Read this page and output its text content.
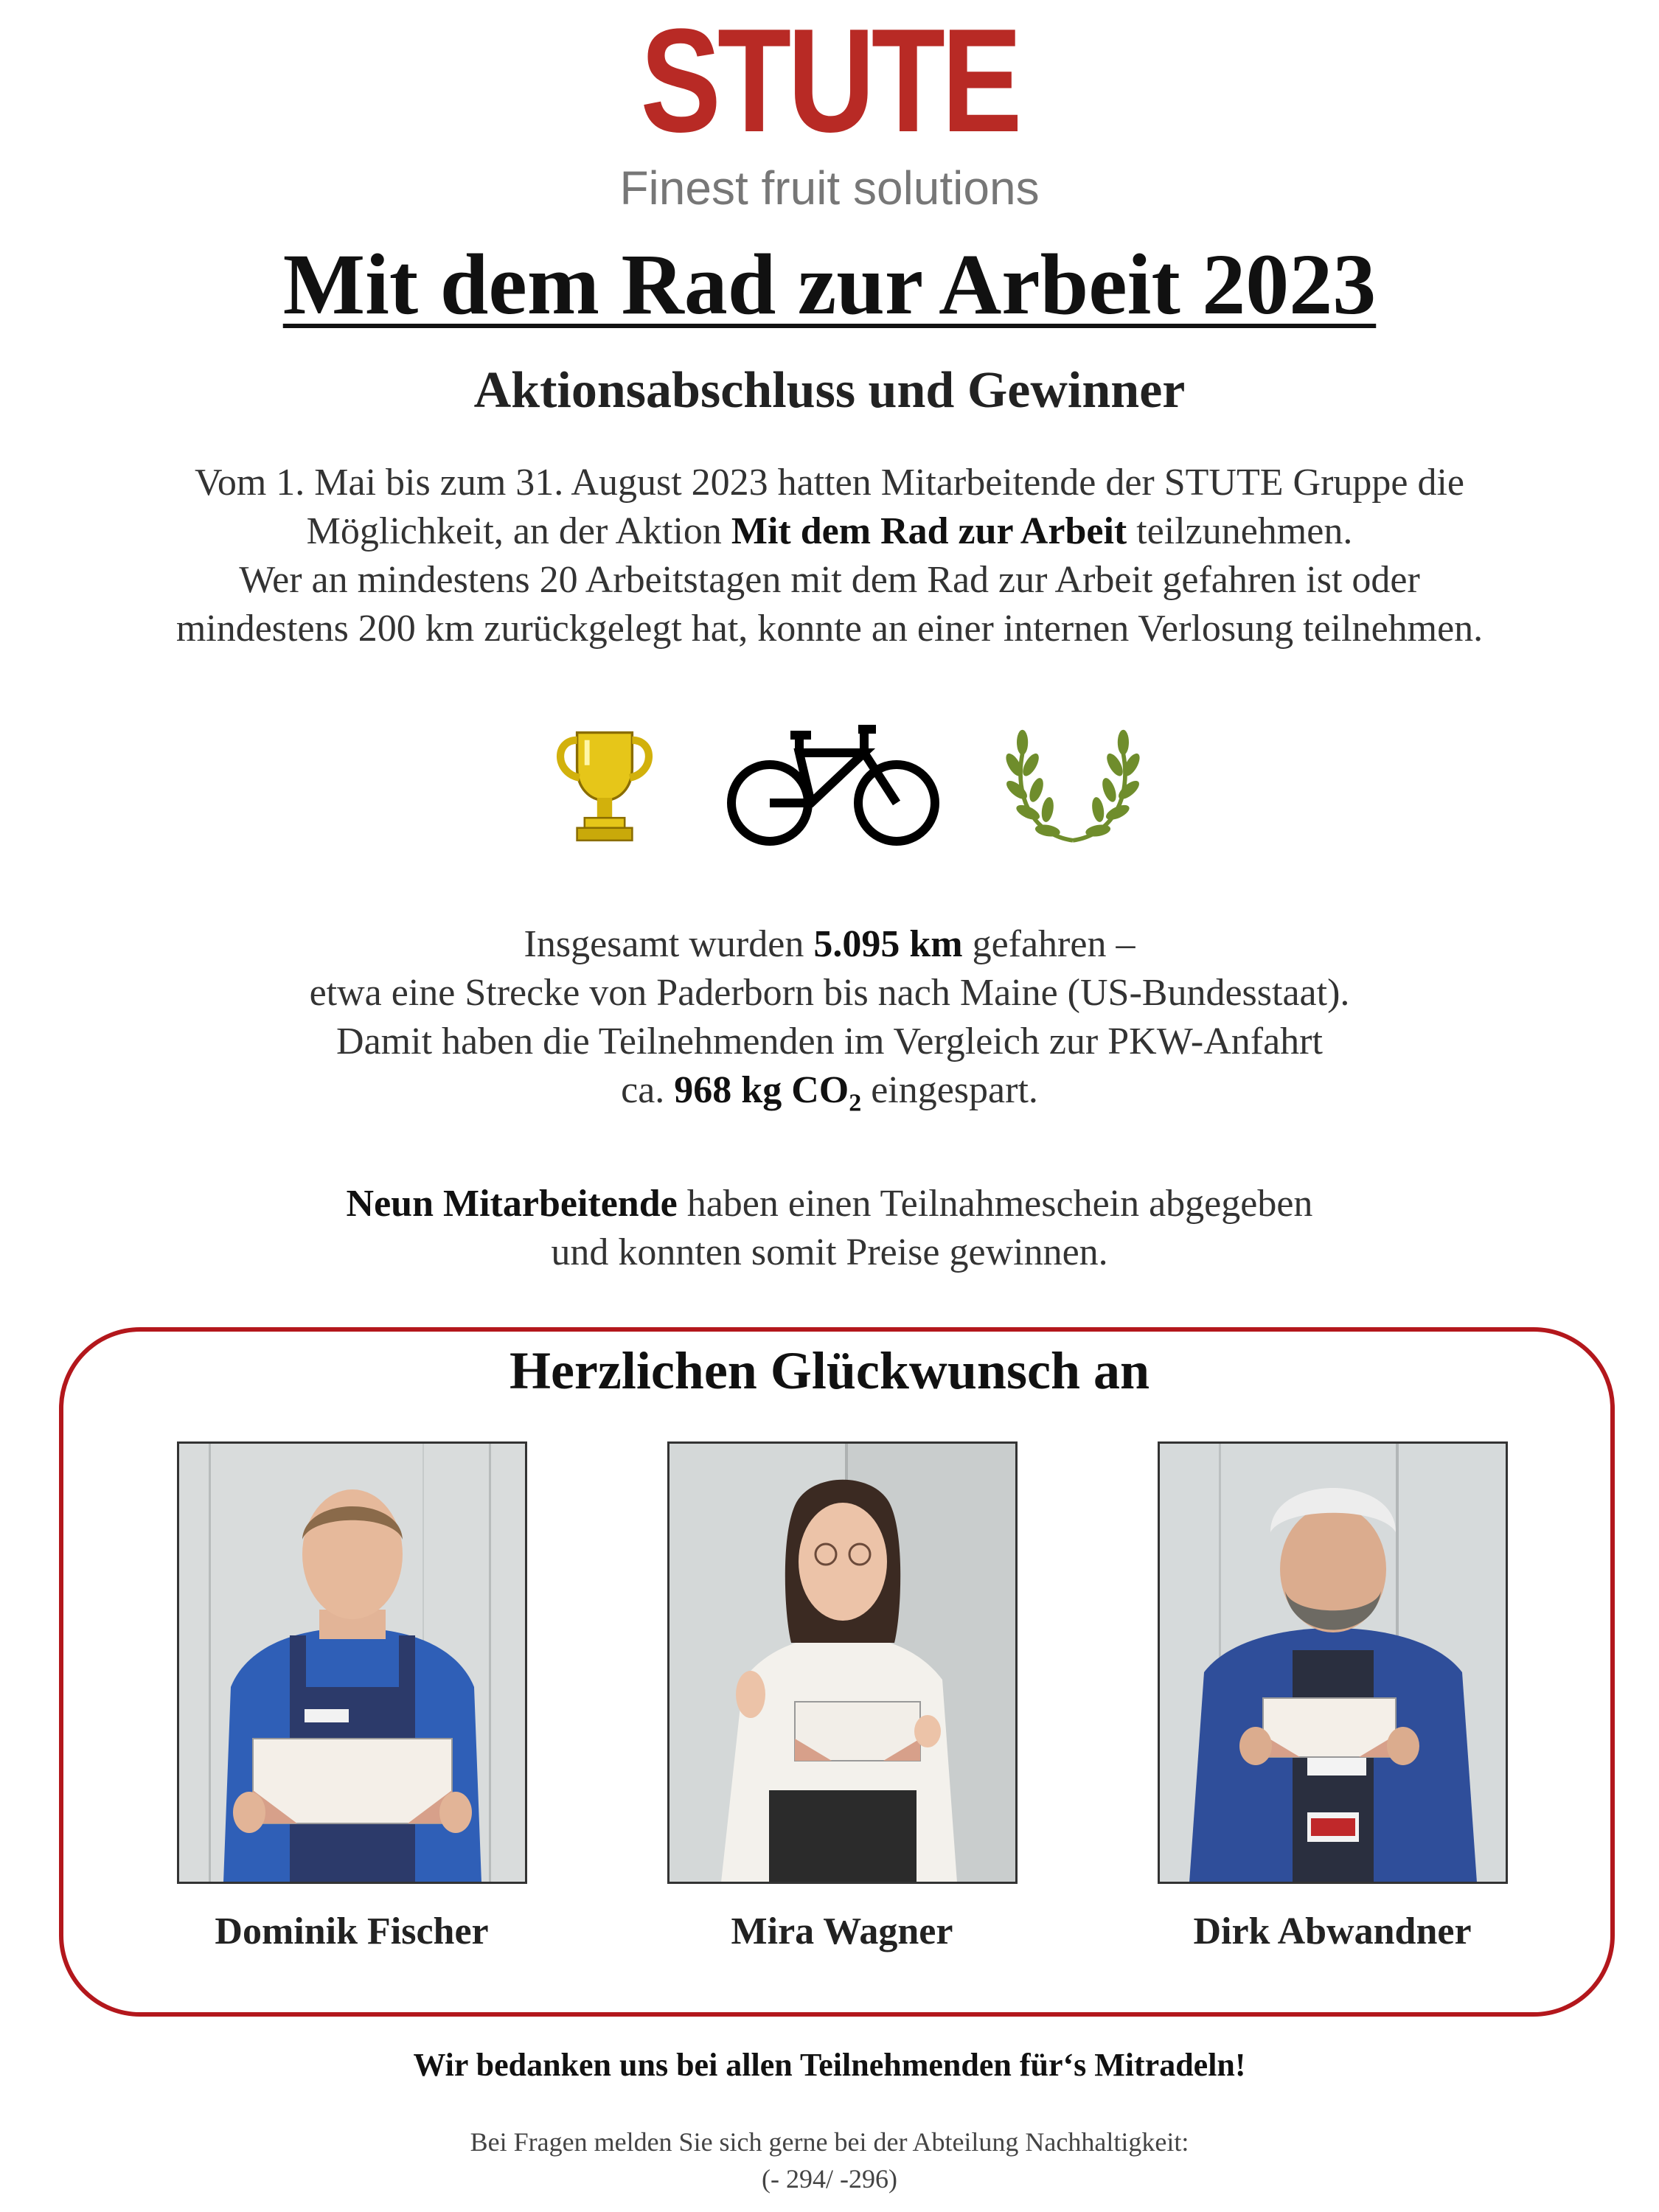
STUTE
Finest fruit solutions
Mit dem Rad zur Arbeit 2023
Aktionsabschluss und Gewinner
Vom 1. Mai bis zum 31. August 2023 hatten Mitarbeitende der STUTE Gruppe die
Möglichkeit, an der Aktion Mit dem Rad zur Arbeit teilzunehmen.
Wer an mindestens 20 Arbeitstagen mit dem Rad zur Arbeit gefahren ist oder
mindestens 200 km zurückgelegt hat, konnte an einer internen Verlosung teilnehmen.
Insgesamt wurden 5.095 km gefahren –
etwa eine Strecke von Paderborn bis nach Maine (US-Bundesstaat).
Damit haben die Teilnehmenden im Vergleich zur PKW-Anfahrt
ca. 968 kg $CO_2$ eingespart.
Neun Mitarbeitende haben einen Teilnahmeschein abgegeben
und konnten somit Preise gewinnen.
Herzlichen Glückwunsch an
Dominik Fischer	Mira Wagner	Dirk Abwandner
Wir bedanken uns bei allen Teilnehmenden für‘s Mitradeln!
Bei Fragen melden Sie sich gerne bei der Abteilung Nachhaltigkeit:
(- 294/ -296)
